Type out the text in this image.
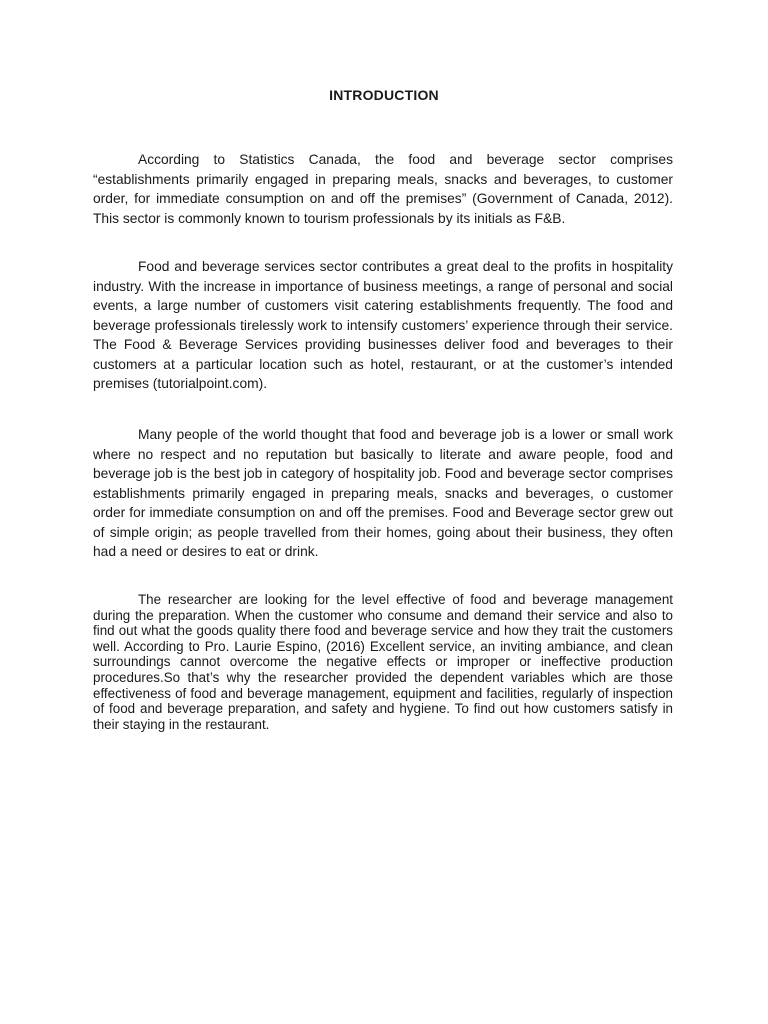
INTRODUCTION

According to Statistics Canada, the food and beverage sector comprises “establishments primarily engaged in preparing meals, snacks and beverages, to customer order, for immediate consumption on and off the premises” (Government of Canada, 2012). This sector is commonly known to tourism professionals by its initials as F&B.

Food and beverage services sector contributes a great deal to the profits in hospitality industry. With the increase in importance of business meetings, a range of personal and social events, a large number of customers visit catering establishments frequently. The food and beverage professionals tirelessly work to intensify customers’ experience through their service. The Food & Beverage Services providing businesses deliver food and beverages to their customers at a particular location such as hotel, restaurant, or at the customer’s intended premises (tutorialpoint.com).

Many people of the world thought that food and beverage job is a lower or small work where no respect and no reputation but basically to literate and aware people, food and beverage job is the best job in category of hospitality job. Food and beverage sector comprises establishments primarily engaged in preparing meals, snacks and beverages, o customer order for immediate consumption on and off the premises. Food and Beverage sector grew out of simple origin; as people travelled from their homes, going about their business, they often had a need or desires to eat or drink.

The researcher are looking for the level effective of food and beverage management during the preparation. When the customer who consume and demand their service and also to find out what the goods quality there food and beverage service and how they trait the customers well. According to Pro. Laurie Espino, (2016) Excellent service, an inviting ambiance, and clean surroundings cannot overcome the negative effects or improper or ineffective production procedures.So that’s why the researcher provided the dependent variables which are those effectiveness of food and beverage management, equipment and facilities, regularly of inspection of food and beverage preparation, and safety and hygiene. To find out how customers satisfy in their staying in the restaurant.
